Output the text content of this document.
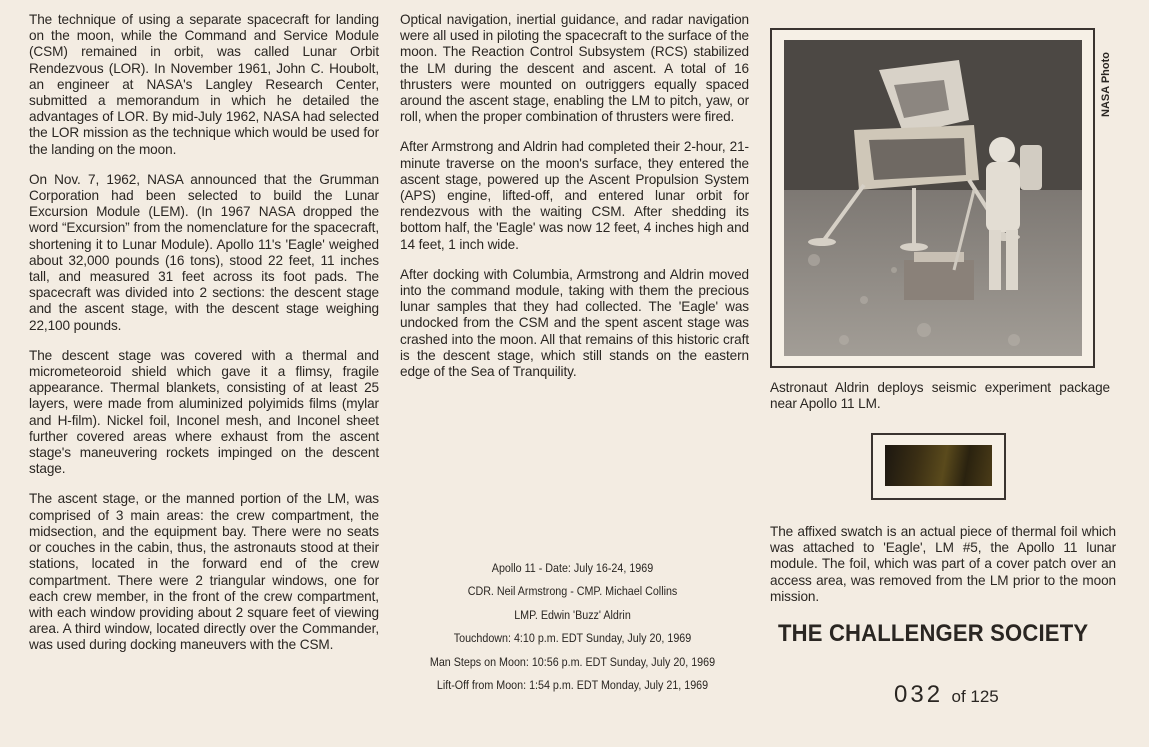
The technique of using a separate spacecraft for landing on the moon, while the Command and Service Module (CSM) remained in orbit, was called Lunar Orbit Rendezvous (LOR). In November 1961, John C. Houbolt, an engineer at NASA's Langley Research Center, submitted a memorandum in which he detailed the advantages of LOR. By mid-July 1962, NASA had selected the LOR mission as the technique which would be used for the landing on the moon.

On Nov. 7, 1962, NASA announced that the Grumman Corporation had been selected to build the Lunar Excursion Module (LEM). (In 1967 NASA dropped the word “Excursion” from the nomenclature for the spacecraft, shortening it to Lunar Module). Apollo 11's 'Eagle' weighed about 32,000 pounds (16 tons), stood 22 feet, 11 inches tall, and measured 31 feet across its foot pads. The spacecraft was divided into 2 sections: the descent stage and the ascent stage, with the descent stage weighing 22,100 pounds.

The descent stage was covered with a thermal and micrometeoroid shield which gave it a flimsy, fragile appearance. Thermal blankets, consisting of at least 25 layers, were made from aluminized polyimids films (mylar and H-film). Nickel foil, Inconel mesh, and Inconel sheet further covered areas where exhaust from the ascent stage's maneuvering rockets impinged on the descent stage.

The ascent stage, or the manned portion of the LM, was comprised of 3 main areas: the crew compartment, the midsection, and the equipment bay. There were no seats or couches in the cabin, thus, the astronauts stood at their stations, located in the forward end of the crew compartment. There were 2 triangular windows, one for each crew member, in the front of the crew compartment, with each window providing about 2 square feet of viewing area. A third window, located directly over the Commander, was used during docking maneuvers with the CSM.

Optical navigation, inertial guidance, and radar navigation were all used in piloting the spacecraft to the surface of the moon. The Reaction Control Subsystem (RCS) stabilized the LM during the descent and ascent. A total of 16 thrusters were mounted on outriggers equally spaced around the ascent stage, enabling the LM to pitch, yaw, or roll, when the proper combination of thrusters were fired.

After Armstrong and Aldrin had completed their 2-hour, 21-minute traverse on the moon's surface, they entered the ascent stage, powered up the Ascent Propulsion System (APS) engine, lifted-off, and entered lunar orbit for rendezvous with the waiting CSM. After shedding its bottom half, the 'Eagle' was now 12 feet, 4 inches high and 14 feet, 1 inch wide.

After docking with Columbia, Armstrong and Aldrin moved into the command module, taking with them the precious lunar samples that they had collected. The 'Eagle' was undocked from the CSM and the spent ascent stage was crashed into the moon. All that remains of this historic craft is the descent stage, which still stands on the eastern edge of the Sea of Tranquility.

Apollo 11 - Date: July 16-24, 1969
CDR. Neil Armstrong - CMP. Michael Collins
LMP. Edwin 'Buzz' Aldrin
Touchdown: 4:10 p.m. EDT Sunday, July 20, 1969
Man Steps on Moon: 10:56 p.m. EDT Sunday, July 20, 1969
Lift-Off from Moon: 1:54 p.m. EDT Monday, July 21, 1969
NASA Photo

Astronaut Aldrin deploys seismic experiment package near Apollo 11 LM.

The affixed swatch is an actual piece of thermal foil which was attached to 'Eagle', LM #5, the Apollo 11 lunar module. The foil, which was part of a cover patch over an access area, was removed from the LM prior to the moon mission.

THE CHALLENGER SOCIETY
032 of 125
